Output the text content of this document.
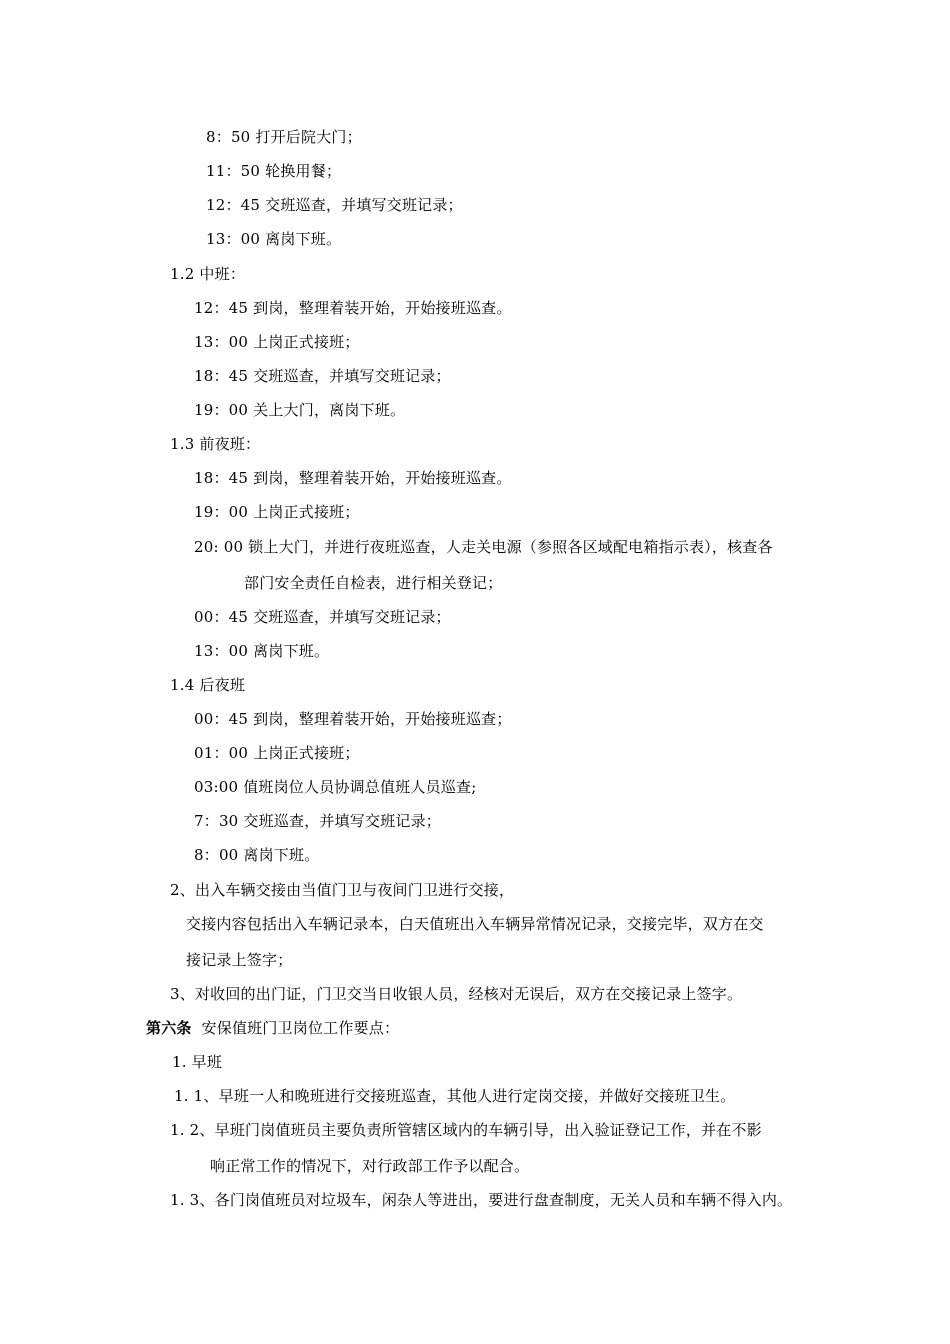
8：50 打开后院大门；
11：50 轮换用餐；
12：45 交班巡查，并填写交班记录；
13：00 离岗下班。
1.2 中班：
12：45 到岗，整理着装开始，开始接班巡查。
13：00 上岗正式接班；
18：45 交班巡查，并填写交班记录；
19：00 关上大门，离岗下班。
1.3 前夜班：
18：45 到岗，整理着装开始，开始接班巡查。
19：00 上岗正式接班；
20: 00 锁上大门，并进行夜班巡查，人走关电源（参照各区域配电箱指示表），核查各
部门安全责任自检表，进行相关登记；
00：45 交班巡查，并填写交班记录；
13：00 离岗下班。
1.4 后夜班
00：45 到岗，整理着装开始，开始接班巡查；
01：00 上岗正式接班；
03:00 值班岗位人员协调总值班人员巡查;
7：30 交班巡查，并填写交班记录；
8：00 离岗下班。
2、出入车辆交接由当值门卫与夜间门卫进行交接，
交接内容包括出入车辆记录本，白天值班出入车辆异常情况记录，交接完毕，双方在交
接记录上签字；
3、对收回的出门证，门卫交当日收银人员，经核对无误后，双方在交接记录上签字。
第六条 安保值班门卫岗位工作要点：
1. 早班
1. 1、早班一人和晚班进行交接班巡查，其他人进行定岗交接，并做好交接班卫生。
1. 2、早班门岗值班员主要负责所管辖区域内的车辆引导，出入验证登记工作，并在不影
响正常工作的情况下，对行政部工作予以配合。
1. 3、各门岗值班员对垃圾车，闲杂人等进出，要进行盘查制度，无关人员和车辆不得入内。
